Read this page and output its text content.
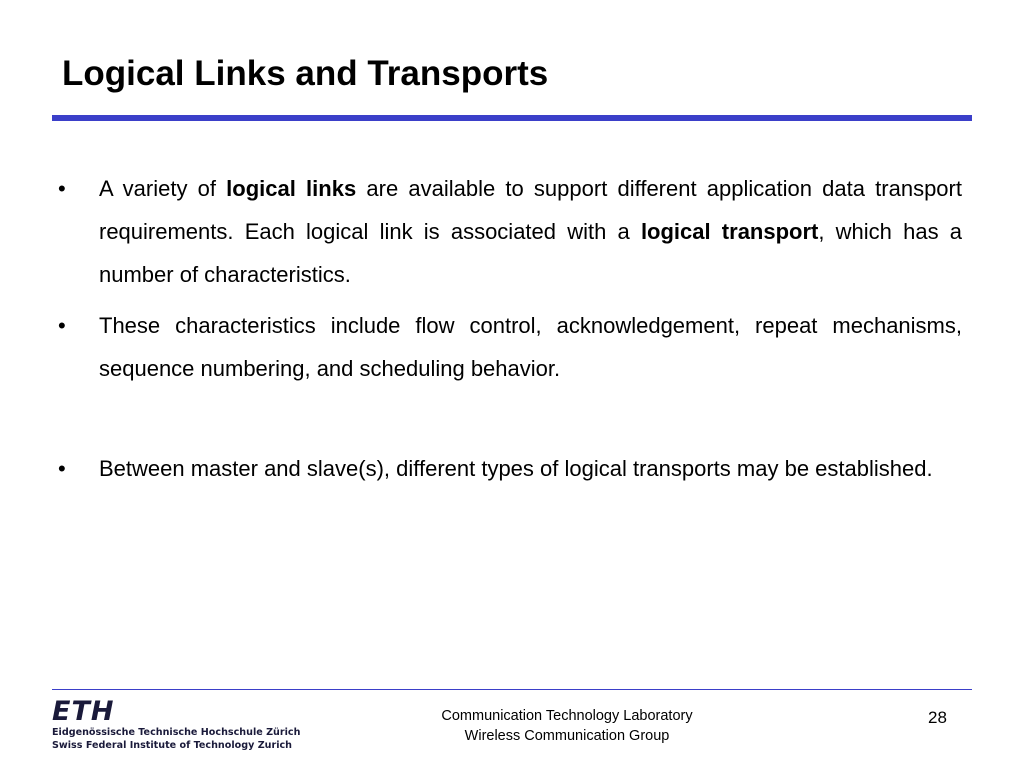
Logical Links and Transports
• A variety of logical links are available to support different application data transport requirements. Each logical link is associated with a logical transport, which has a number of characteristics.
• These characteristics include flow control, acknowledgement, repeat mechanisms, sequence numbering, and scheduling behavior.
• Between master and slave(s), different types of logical transports may be established.
ETH
Eidgenössische Technische Hochschule Zürich
Swiss Federal Institute of Technology Zurich
Communication Technology Laboratory
Wireless Communication Group
28
